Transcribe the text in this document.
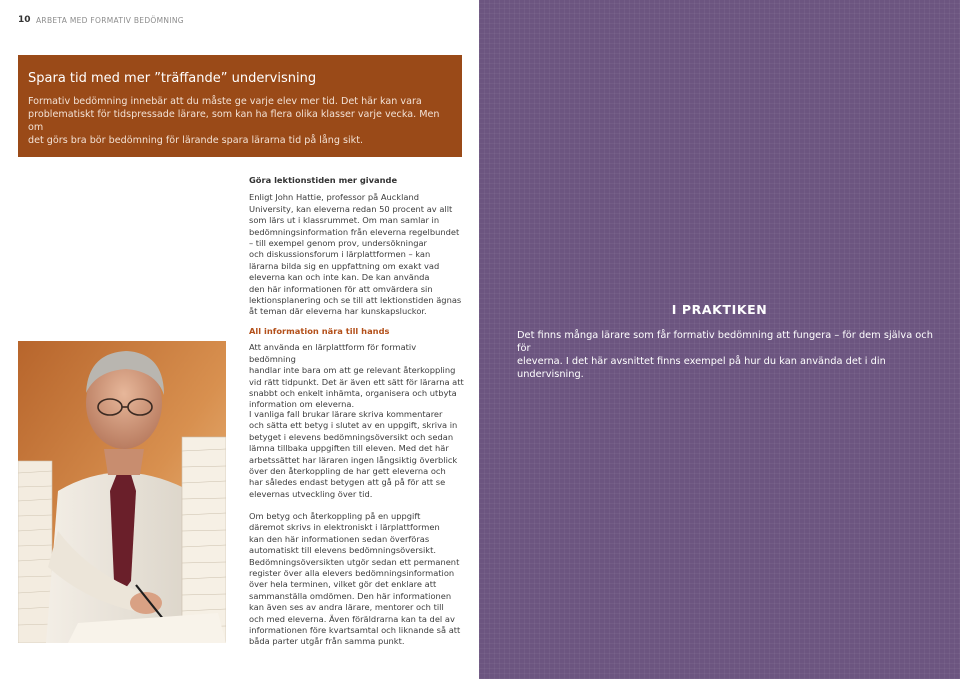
10 ARBETA MED FORMATIV BEDÖMNING
Spara tid med mer ”träffande” undervisning
Formativ bedömning innebär att du måste ge varje elev mer tid. Det här kan vara
problematiskt för tidspressade lärare, som kan ha flera olika klasser varje vecka. Men om
det görs bra bör bedömning för lärande spara lärarna tid på lång sikt.
Göra lektionstiden mer givande
Enligt John Hattie, professor på Auckland
University, kan eleverna redan 50 procent av allt
som lärs ut i klassrummet. Om man samlar in
bedömningsinformation från eleverna regelbundet
– till exempel genom prov, undersökningar
och diskussionsforum i lärplattformen – kan
lärarna bilda sig en uppfattning om exakt vad
eleverna kan och inte kan. De kan använda
den här informationen för att omvärdera sin
lektionsplanering och se till att lektionstiden ägnas
åt teman där eleverna har kunskapsluckor.
All information nära till hands
Att använda en lärplattform för formativ bedömning
handlar inte bara om att ge relevant återkoppling
vid rätt tidpunkt. Det är även ett sätt för lärarna att
snabbt och enkelt inhämta, organisera och utbyta
information om eleverna.
I vanliga fall brukar lärare skriva kommentarer
och sätta ett betyg i slutet av en uppgift, skriva in
betyget i elevens bedömningsöversikt och sedan
lämna tillbaka uppgiften till eleven. Med det här
arbetssättet har läraren ingen långsiktig överblick
över den återkoppling de har gett eleverna och
har således endast betygen att gå på för att se
elevernas utveckling över tid.
Om betyg och återkoppling på en uppgift
däremot skrivs in elektroniskt i lärplattformen
kan den här informationen sedan överföras
automatiskt till elevens bedömningsöversikt.
Bedömningsöversikten utgör sedan ett permanent
register över alla elevers bedömningsinformation
över hela terminen, vilket gör det enklare att
sammanställa omdömen. Den här informationen
kan även ses av andra lärare, mentorer och till
och med eleverna. Även föräldrarna kan ta del av
informationen före kvartsamtal och liknande så att
båda parter utgår från samma punkt.
I PRAKTIKEN
Det finns många lärare som får formativ bedömning att fungera – för dem själva och för
eleverna. I det här avsnittet finns exempel på hur du kan använda det i din undervisning.
